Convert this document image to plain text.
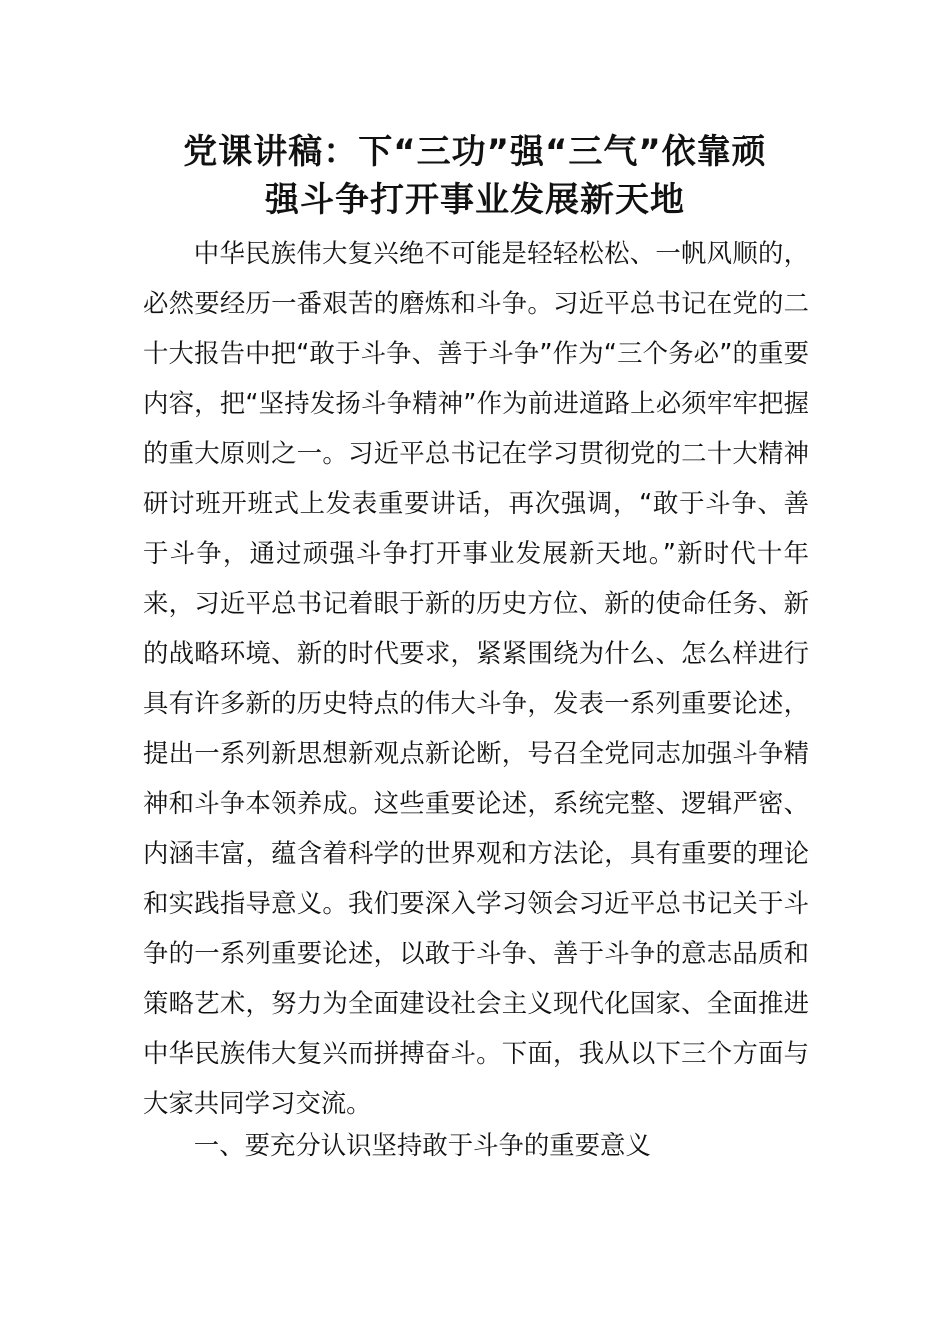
党课讲稿：下“三功”强“三气”依靠顽
强斗争打开事业发展新天地

中华民族伟大复兴绝不可能是轻轻松松、一帆风顺的，必然要经历一番艰苦的磨炼和斗争。习近平总书记在党的二十大报告中把“敢于斗争、善于斗争”作为“三个务必”的重要内容，把“坚持发扬斗争精神”作为前进道路上必须牢牢把握的重大原则之一。习近平总书记在学习贯彻党的二十大精神研讨班开班式上发表重要讲话，再次强调，“敢于斗争、善于斗争，通过顽强斗争打开事业发展新天地。”新时代十年来，习近平总书记着眼于新的历史方位、新的使命任务、新的战略环境、新的时代要求，紧紧围绕为什么、怎么样进行具有许多新的历史特点的伟大斗争，发表一系列重要论述，提出一系列新思想新观点新论断，号召全党同志加强斗争精神和斗争本领养成。这些重要论述，系统完整、逻辑严密、内涵丰富，蕴含着科学的世界观和方法论，具有重要的理论和实践指导意义。我们要深入学习领会习近平总书记关于斗争的一系列重要论述，以敢于斗争、善于斗争的意志品质和策略艺术，努力为全面建设社会主义现代化国家、全面推进中华民族伟大复兴而拼搏奋斗。下面，我从以下三个方面与大家共同学习交流。

一、要充分认识坚持敢于斗争的重要意义
